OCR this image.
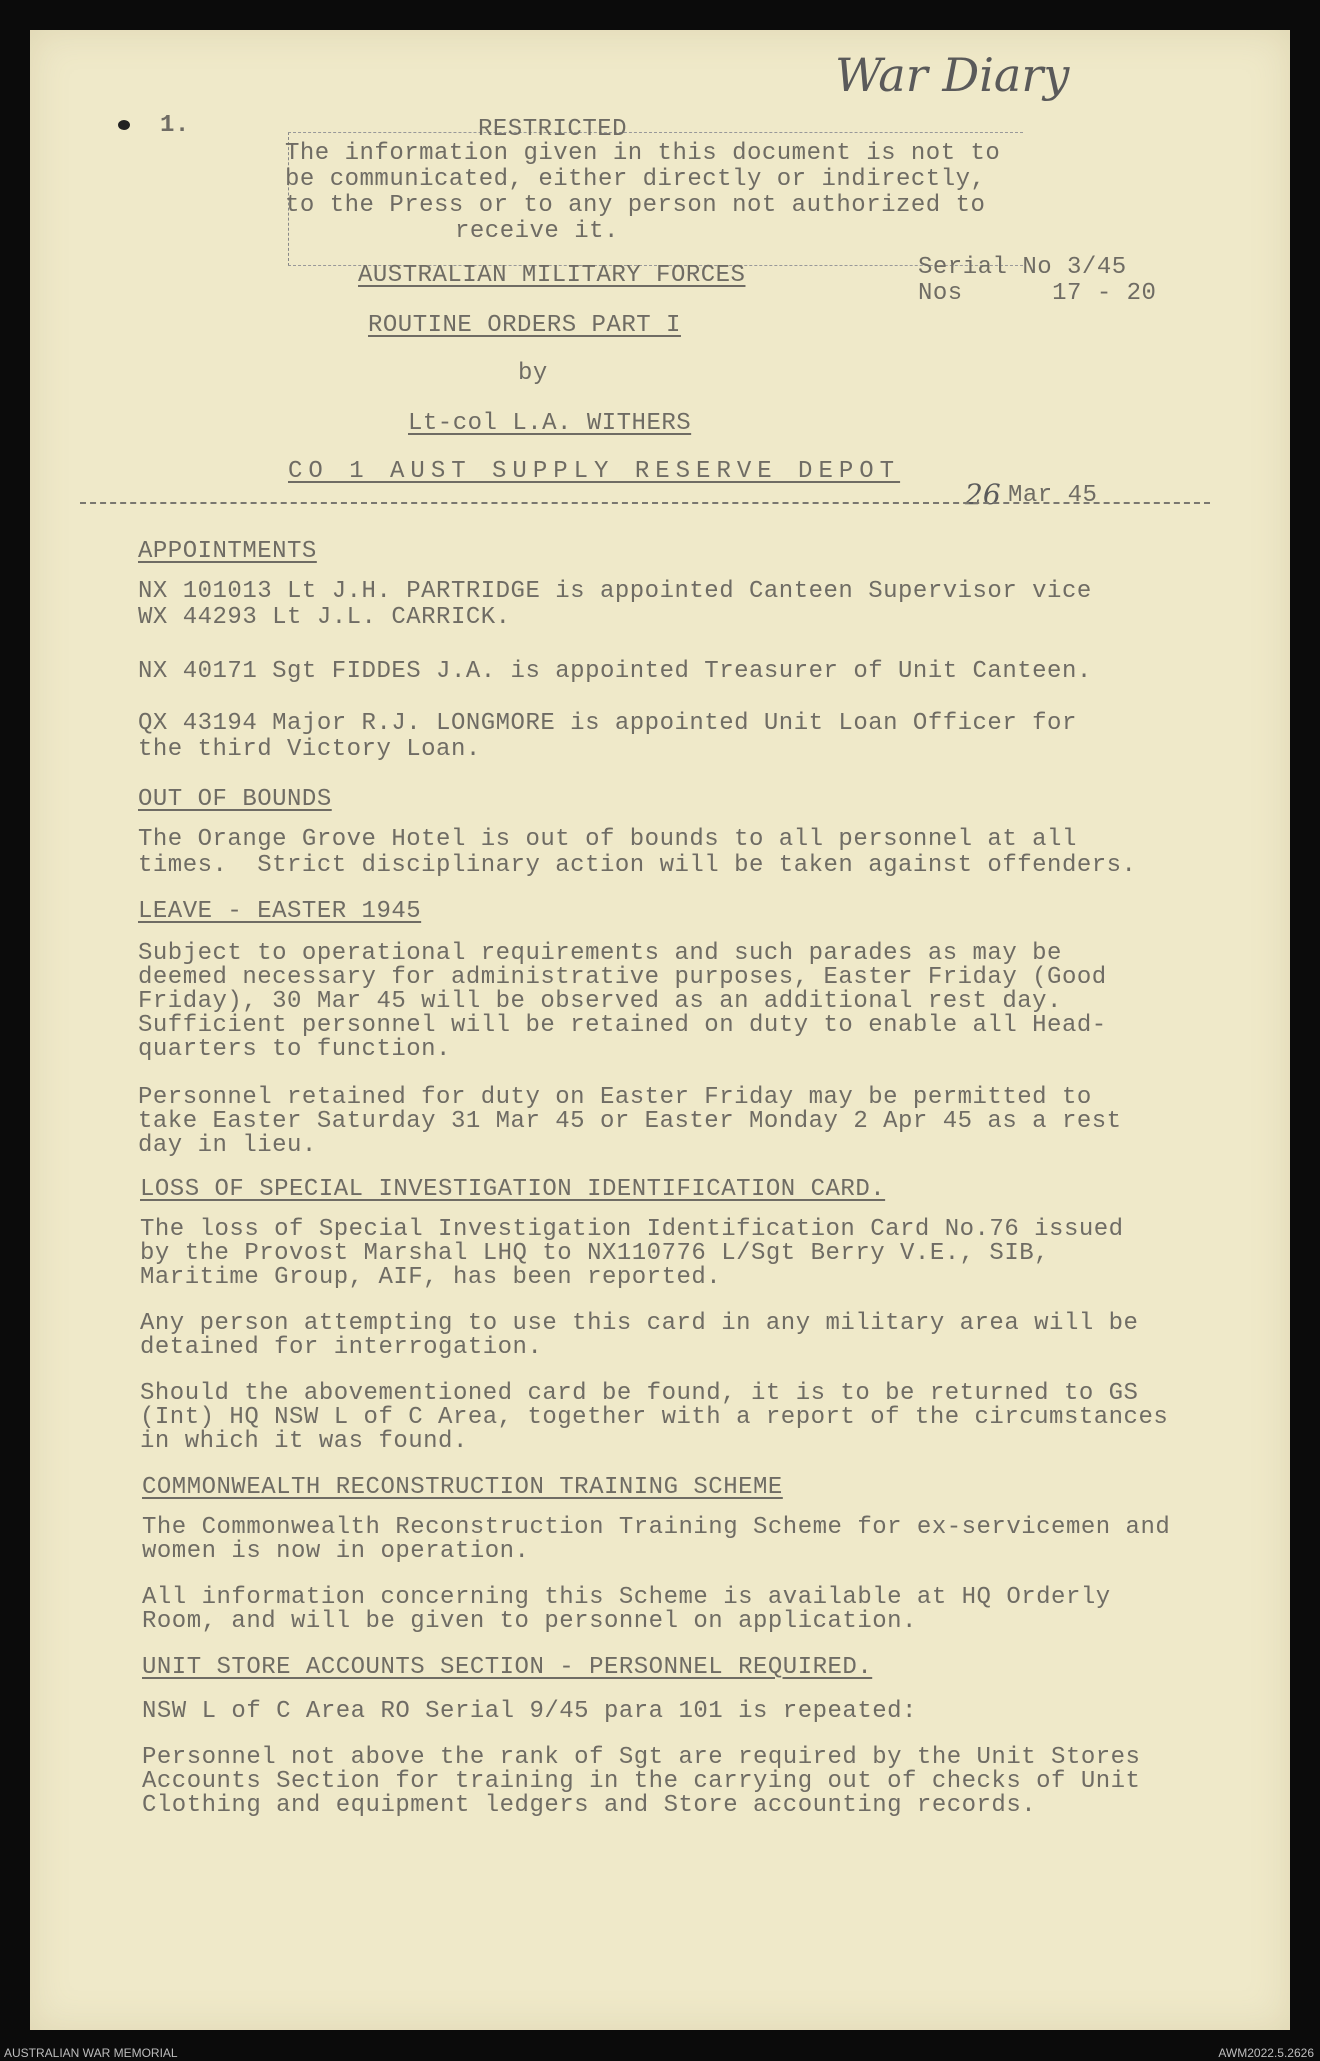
War Diary
1.	RESTRICTED
The information given in this document is not to
be communicated, either directly or indirectly,
to the Press or to any person not authorized to
receive it.
AUSTRALIAN MILITARY FORCES	Serial No 3/45
Nos      17 - 20
ROUTINE ORDERS PART I
by
Lt-col L.A. WITHERS
CO 1 AUST SUPPLY RESERVE DEPOT
26 Mar 45
APPOINTMENTS
NX 101013 Lt J.H. PARTRIDGE is appointed Canteen Supervisor vice
WX 44293 Lt J.L. CARRICK.
NX 40171 Sgt FIDDES J.A. is appointed Treasurer of Unit Canteen.
QX 43194 Major R.J. LONGMORE is appointed Unit Loan Officer for
the third Victory Loan.
OUT OF BOUNDS
The Orange Grove Hotel is out of bounds to all personnel at all
times.  Strict disciplinary action will be taken against offenders.
LEAVE - EASTER 1945
Subject to operational requirements and such parades as may be
deemed necessary for administrative purposes, Easter Friday (Good
Friday), 30 Mar 45 will be observed as an additional rest day.
Sufficient personnel will be retained on duty to enable all Head-
quarters to function.
Personnel retained for duty on Easter Friday may be permitted to
take Easter Saturday 31 Mar 45 or Easter Monday 2 Apr 45 as a rest
day in lieu.
LOSS OF SPECIAL INVESTIGATION IDENTIFICATION CARD.
The loss of Special Investigation Identification Card No.76 issued
by the Provost Marshal LHQ to NX110776 L/Sgt Berry V.E., SIB,
Maritime Group, AIF, has been reported.
Any person attempting to use this card in any military area will be
detained for interrogation.
Should the abovementioned card be found, it is to be returned to GS
(Int) HQ NSW L of C Area, together with a report of the circumstances
in which it was found.
COMMONWEALTH RECONSTRUCTION TRAINING SCHEME
The Commonwealth Reconstruction Training Scheme for ex-servicemen and
women is now in operation.
All information concerning this Scheme is available at HQ Orderly
Room, and will be given to personnel on application.
UNIT STORE ACCOUNTS SECTION - PERSONNEL REQUIRED.
NSW L of C Area RO Serial 9/45 para 101 is repeated:
Personnel not above the rank of Sgt are required by the Unit Stores
Accounts Section for training in the carrying out of checks of Unit
Clothing and equipment ledgers and Store accounting records.
AUSTRALIAN WAR MEMORIAL	AWM2022.5.2626
